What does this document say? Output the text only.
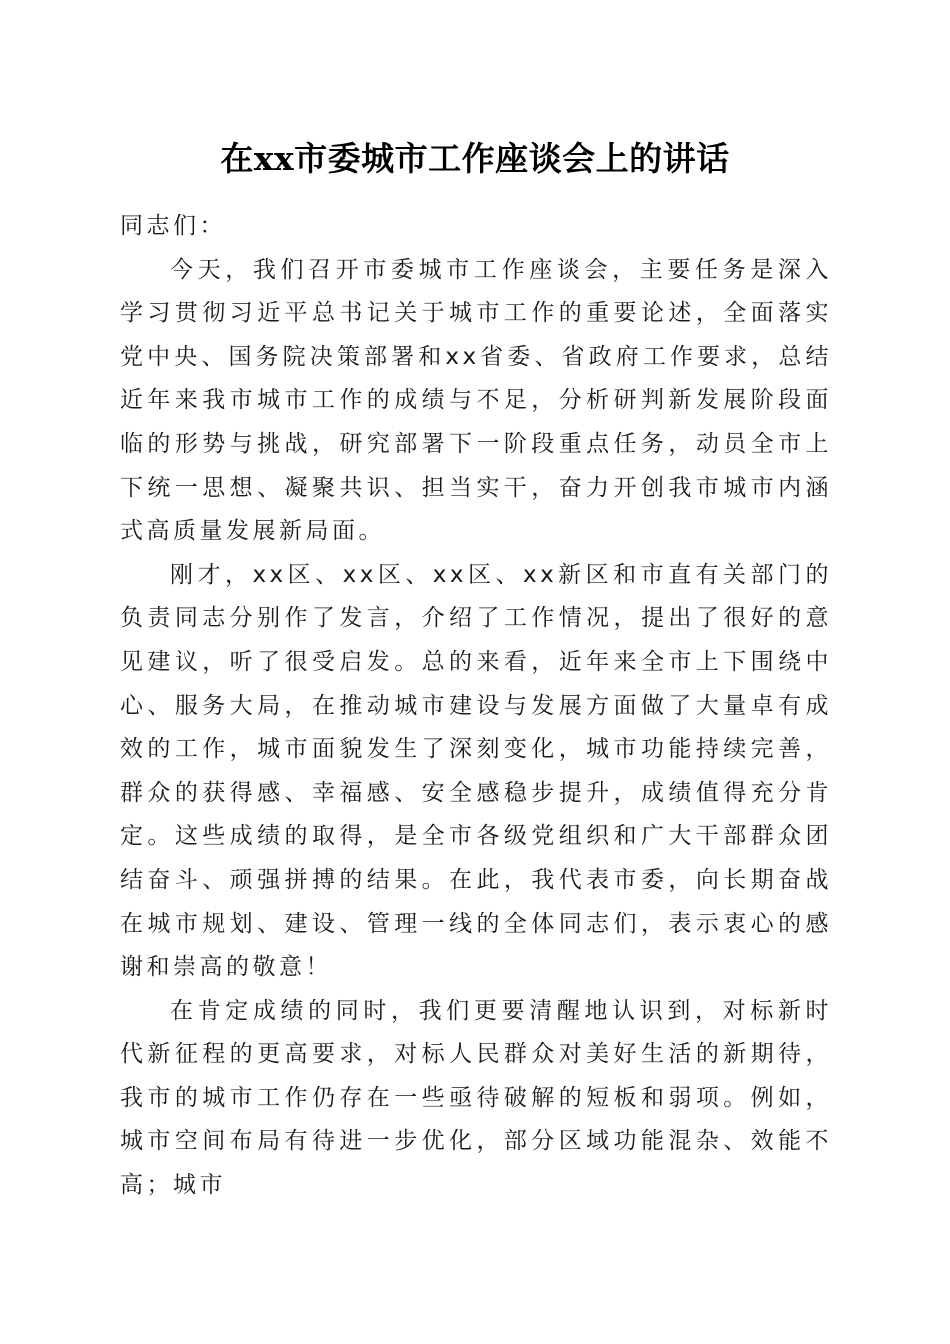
在xx市委城市工作座谈会上的讲话

同志们：

今天，我们召开市委城市工作座谈会，主要任务是深入学习贯彻习近平总书记关于城市工作的重要论述，全面落实党中央、国务院决策部署和xx省委、省政府工作要求，总结近年来我市城市工作的成绩与不足，分析研判新发展阶段面临的形势与挑战，研究部署下一阶段重点任务，动员全市上下统一思想、凝聚共识、担当实干，奋力开创我市城市内涵式高质量发展新局面。

刚才，xx区、xx区、xx区、xx新区和市直有关部门的负责同志分别作了发言，介绍了工作情况，提出了很好的意见建议，听了很受启发。总的来看，近年来全市上下围绕中心、服务大局，在推动城市建设与发展方面做了大量卓有成效的工作，城市面貌发生了深刻变化，城市功能持续完善，群众的获得感、幸福感、安全感稳步提升，成绩值得充分肯定。这些成绩的取得，是全市各级党组织和广大干部群众团结奋斗、顽强拼搏的结果。在此，我代表市委，向长期奋战在城市规划、建设、管理一线的全体同志们，表示衷心的感谢和崇高的敬意！

在肯定成绩的同时，我们更要清醒地认识到，对标新时代新征程的更高要求，对标人民群众对美好生活的新期待，我市的城市工作仍存在一些亟待破解的短板和弱项。例如，城市空间布局有待进一步优化，部分区域功能混杂、效能不高；城市
